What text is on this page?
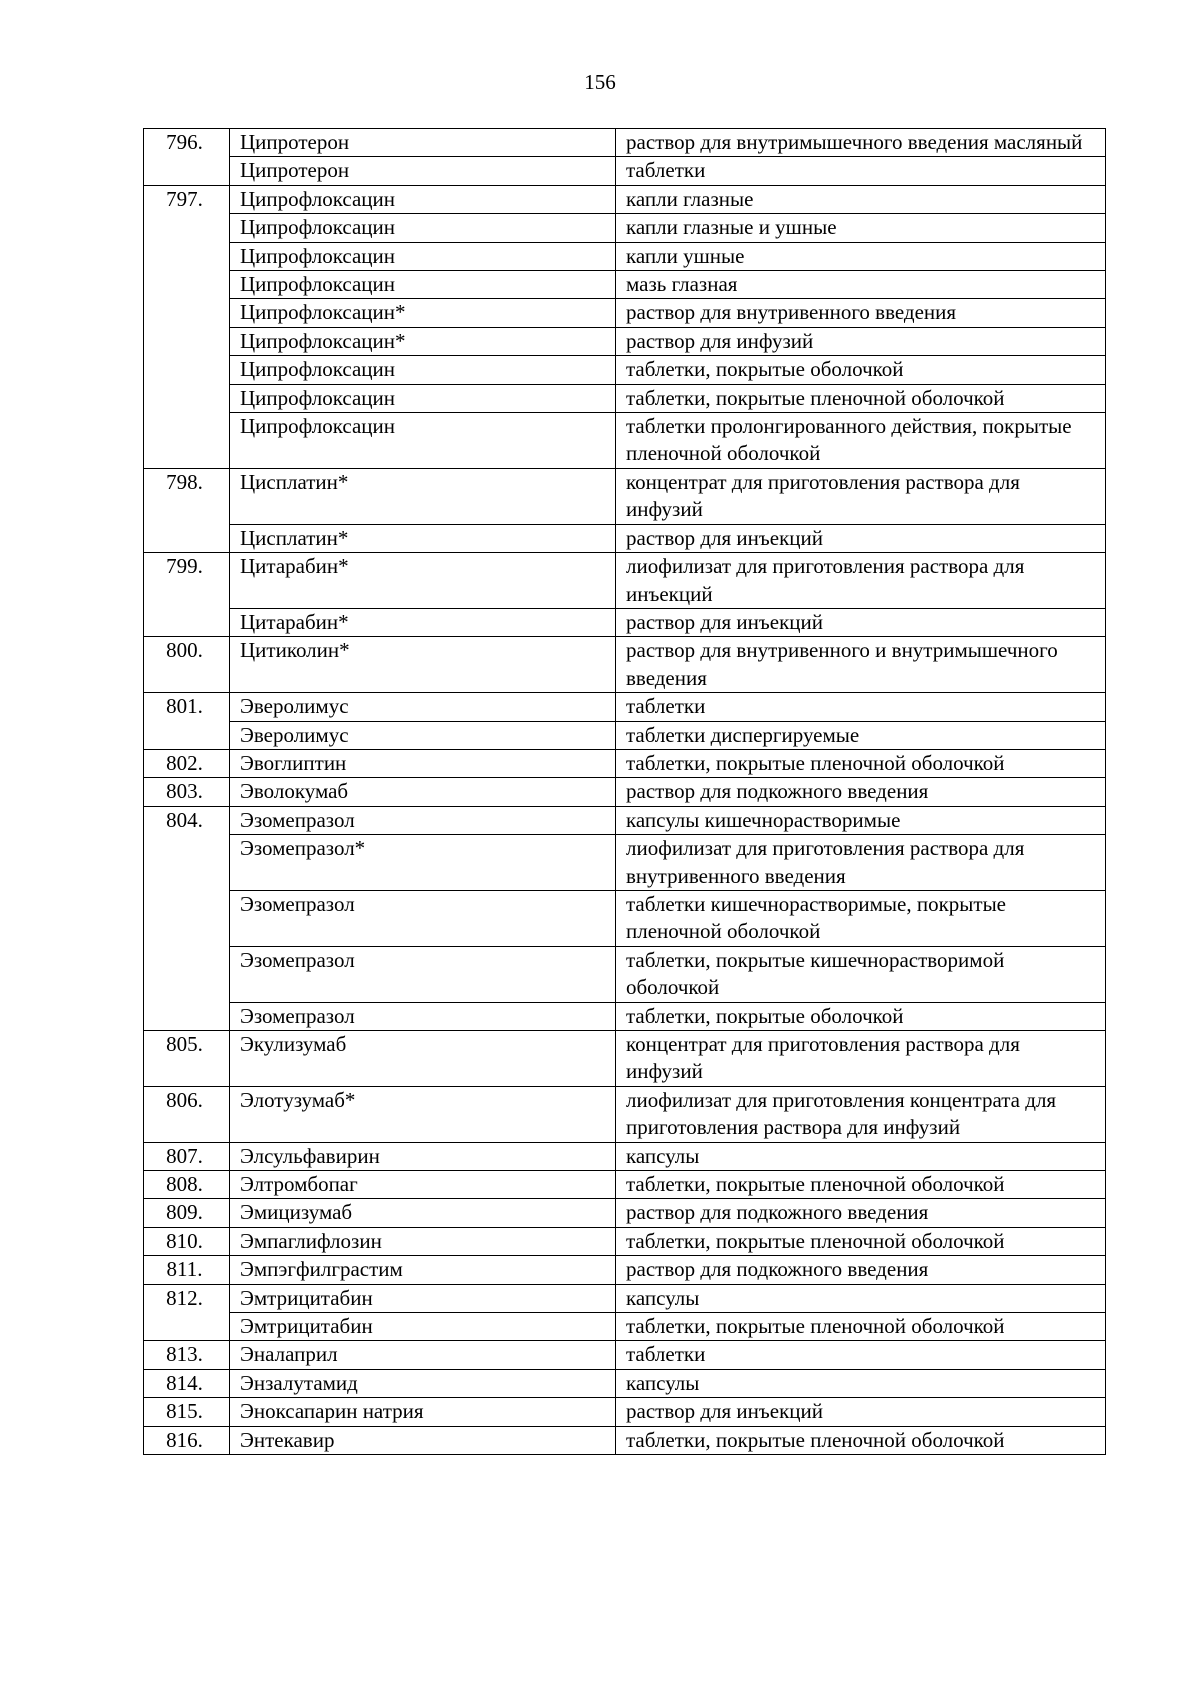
156
796.	Ципротерон	раствор для внутримышечного введения масляный
	Ципротерон	таблетки
797.	Ципрофлоксацин	капли глазные
	Ципрофлоксацин	капли глазные и ушные
	Ципрофлоксацин	капли ушные
	Ципрофлоксацин	мазь глазная
	Ципрофлоксацин*	раствор для внутривенного введения
	Ципрофлоксацин*	раствор для инфузий
	Ципрофлоксацин	таблетки, покрытые оболочкой
	Ципрофлоксацин	таблетки, покрытые пленочной оболочкой
	Ципрофлоксацин	таблетки пролонгированного действия, покрытые пленочной оболочкой
798.	Цисплатин*	концентрат для приготовления раствора для инфузий
	Цисплатин*	раствор для инъекций
799.	Цитарабин*	лиофилизат для приготовления раствора для инъекций
	Цитарабин*	раствор для инъекций
800.	Цитиколин*	раствор для внутривенного и внутримышечного введения
801.	Эверолимус	таблетки
	Эверолимус	таблетки диспергируемые
802.	Эвоглиптин	таблетки, покрытые пленочной оболочкой
803.	Эволокумаб	раствор для подкожного введения
804.	Эзомепразол	капсулы кишечнорастворимые
	Эзомепразол*	лиофилизат для приготовления раствора для внутривенного введения
	Эзомепразол	таблетки кишечнорастворимые, покрытые пленочной оболочкой
	Эзомепразол	таблетки, покрытые кишечнорастворимой оболочкой
	Эзомепразол	таблетки, покрытые оболочкой
805.	Экулизумаб	концентрат для приготовления раствора для инфузий
806.	Элотузумаб*	лиофилизат для приготовления концентрата для приготовления раствора для инфузий
807.	Элсульфавирин	капсулы
808.	Элтромбопаг	таблетки, покрытые пленочной оболочкой
809.	Эмицизумаб	раствор для подкожного введения
810.	Эмпаглифлозин	таблетки, покрытые пленочной оболочкой
811.	Эмпэгфилграстим	раствор для подкожного введения
812.	Эмтрицитабин	капсулы
	Эмтрицитабин	таблетки, покрытые пленочной оболочкой
813.	Эналаприл	таблетки
814.	Энзалутамид	капсулы
815.	Эноксапарин натрия	раствор для инъекций
816.	Энтекавир	таблетки, покрытые пленочной оболочкой
